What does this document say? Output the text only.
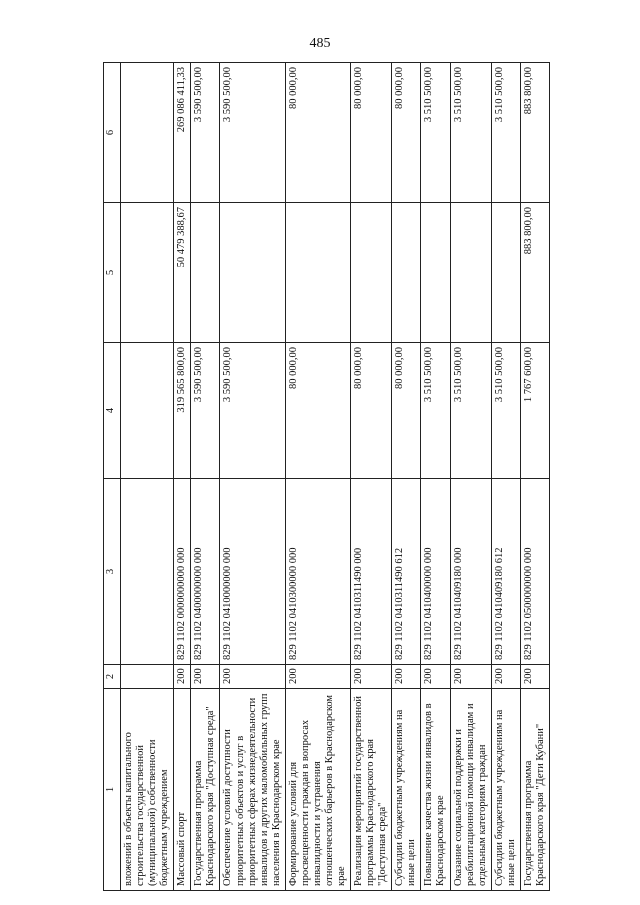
485
1	2	3	4	5	6
вложений в объекты капитального строительства государственной (муниципальной) собственности бюджетным учреждением					
Массовый спорт	200	829 1102 0000000000 000	319 565 800,00	50 479 388,67	269 086 411,33
Государственная программа Краснодарского края "Доступная среда"	200	829 1102 0400000000 000	3 590 500,00		3 590 500,00
Обеспечение условий доступности приоритетных объектов и услуг в приоритетных сферах жизнедеятельности инвалидов и других маломобильных групп населения в Краснодарском крае	200	829 1102 0410000000 000	3 590 500,00		3 590 500,00
Формирование условий для просвещенности граждан в вопросах инвалидности и устранения отношенческих барьеров в Краснодарском крае	200	829 1102 0410300000 000	80 000,00		80 000,00
Реализация мероприятий государственной программы Краснодарского края "Доступная среда"	200	829 1102 0410311490 000	80 000,00		80 000,00
Субсидии бюджетным учреждениям на иные цели	200	829 1102 0410311490 612	80 000,00		80 000,00
Повышение качества жизни инвалидов в Краснодарском крае	200	829 1102 0410400000 000	3 510 500,00		3 510 500,00
Оказание социальной поддержки и реабилитационной помощи инвалидам и отдельным категориям граждан	200	829 1102 0410409180 000	3 510 500,00		3 510 500,00
Субсидии бюджетным учреждениям на иные цели	200	829 1102 0410409180 612	3 510 500,00		3 510 500,00
Государственная программа Краснодарского края "Дети Кубани"	200	829 1102 0500000000 000	1 767 600,00	883 800,00	883 800,00
